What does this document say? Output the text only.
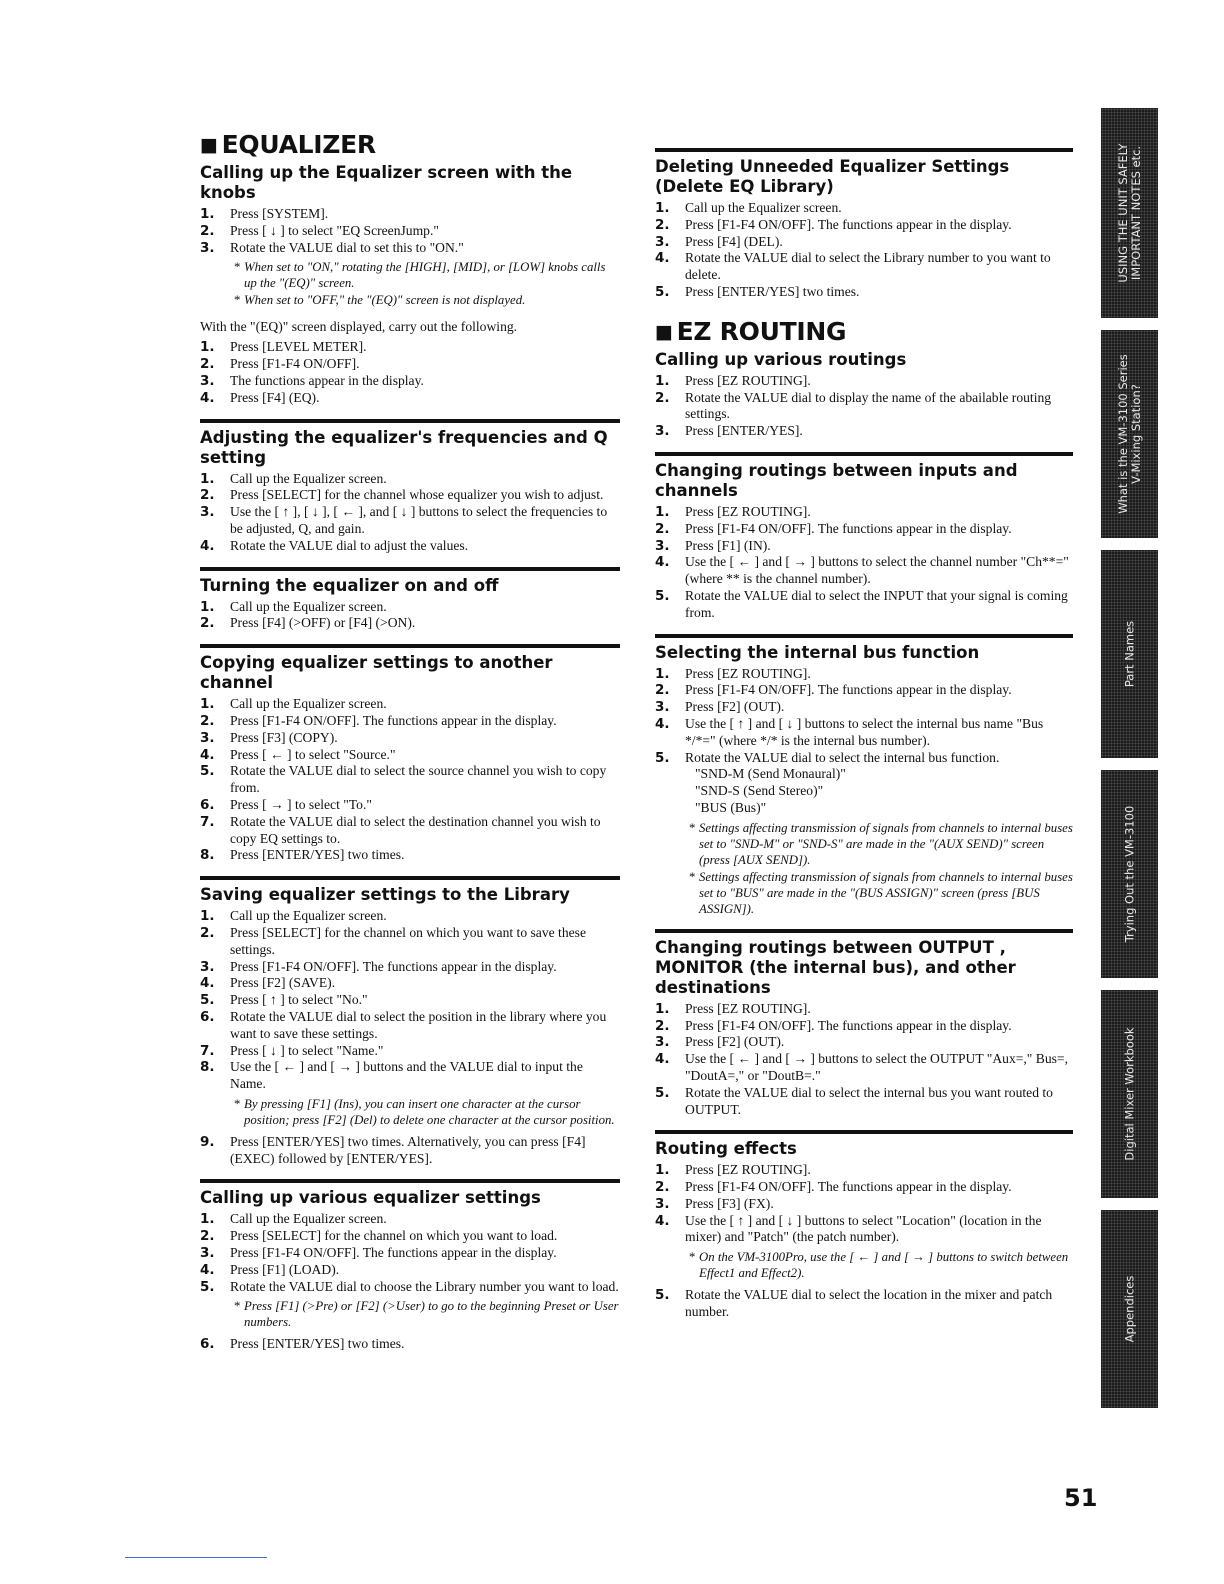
■ EQUALIZER
Calling up the Equalizer screen with the knobs
1. Press [SYSTEM].
2. Press [ ↓ ] to select "EQ ScreenJump."
3. Rotate the VALUE dial to set this to "ON."
* When set to "ON," rotating the [HIGH], [MID], or [LOW] knobs calls up the "(EQ)" screen.
* When set to "OFF," the "(EQ)" screen is not displayed.
With the "(EQ)" screen displayed, carry out the following.
1. Press [LEVEL METER].
2. Press [F1-F4 ON/OFF].
3. The functions appear in the display.
4. Press [F4] (EQ).
Adjusting the equalizer's frequencies and Q setting
1. Call up the Equalizer screen.
2. Press [SELECT] for the channel whose equalizer you wish to adjust.
3. Use the [ ↑ ], [ ↓ ], [ ← ], and [ ↓ ] buttons to select the frequencies to be adjusted, Q, and gain.
4. Rotate the VALUE dial to adjust the values.
Turning the equalizer on and off
1. Call up the Equalizer screen.
2. Press [F4] (>OFF) or [F4] (>ON).
Copying equalizer settings to another channel
1. Call up the Equalizer screen.
2. Press [F1-F4 ON/OFF]. The functions appear in the display.
3. Press [F3] (COPY).
4. Press [ ← ] to select "Source."
5. Rotate the VALUE dial to select the source channel you wish to copy from.
6. Press [ → ] to select "To."
7. Rotate the VALUE dial to select the destination channel you wish to copy EQ settings to.
8. Press [ENTER/YES] two times.
Saving equalizer settings to the Library
1. Call up the Equalizer screen.
2. Press [SELECT] for the channel on which you want to save these settings.
3. Press [F1-F4 ON/OFF]. The functions appear in the display.
4. Press [F2] (SAVE).
5. Press [ ↑ ] to select "No."
6. Rotate the VALUE dial to select the position in the library where you want to save these settings.
7. Press [ ↓ ] to select "Name."
8. Use the [ ← ] and [ → ] buttons and the VALUE dial to input the Name.
* By pressing [F1] (Ins), you can insert one character at the cursor position; press [F2] (Del) to delete one character at the cursor position.
9. Press [ENTER/YES] two times. Alternatively, you can press [F4] (EXEC) followed by [ENTER/YES].
Calling up various equalizer settings
1. Call up the Equalizer screen.
2. Press [SELECT] for the channel on which you want to load.
3. Press [F1-F4 ON/OFF]. The functions appear in the display.
4. Press [F1] (LOAD).
5. Rotate the VALUE dial to choose the Library number you want to load.
* Press [F1] (>Pre) or [F2] (>User) to go to the beginning Preset or User numbers.
6. Press [ENTER/YES] two times.
Deleting Unneeded Equalizer Settings (Delete EQ Library)
1. Call up the Equalizer screen.
2. Press [F1-F4 ON/OFF]. The functions appear in the display.
3. Press [F4] (DEL).
4. Rotate the VALUE dial to select the Library number to you want to delete.
5. Press [ENTER/YES] two times.
■ EZ ROUTING
Calling up various routings
1. Press [EZ ROUTING].
2. Rotate the VALUE dial to display the name of the abailable routing settings.
3. Press [ENTER/YES].
Changing routings between inputs and channels
1. Press [EZ ROUTING].
2. Press [F1-F4 ON/OFF]. The functions appear in the display.
3. Press [F1] (IN).
4. Use the [ ← ] and [ → ] buttons to select the channel number "Ch**=" (where ** is the channel number).
5. Rotate the VALUE dial to select the INPUT that your signal is coming from.
Selecting the internal bus function
1. Press [EZ ROUTING].
2. Press [F1-F4 ON/OFF]. The functions appear in the display.
3. Press [F2] (OUT).
4. Use the [ ↑ ] and [ ↓ ] buttons to select the internal bus name "Bus */*=" (where */* is the internal bus number).
5. Rotate the VALUE dial to select the internal bus function.
"SND-M (Send Monaural)"
"SND-S (Send Stereo)"
"BUS (Bus)"
* Settings affecting transmission of signals from channels to internal buses set to "SND-M" or "SND-S" are made in the "(AUX SEND)" screen (press [AUX SEND]).
* Settings affecting transmission of signals from channels to internal buses set to "BUS" are made in the "(BUS ASSIGN)" screen (press [BUS ASSIGN]).
Changing routings between OUTPUT , MONITOR (the internal bus), and other destinations
1. Press [EZ ROUTING].
2. Press [F1-F4 ON/OFF]. The functions appear in the display.
3. Press [F2] (OUT).
4. Use the [ ← ] and [ → ] buttons to select the OUTPUT "Aux=," Bus=, "DoutA=," or "DoutB=."
5. Rotate the VALUE dial to select the internal bus you want routed to OUTPUT.
Routing effects
1. Press [EZ ROUTING].
2. Press [F1-F4 ON/OFF]. The functions appear in the display.
3. Press [F3] (FX).
4. Use the [ ↑ ] and [ ↓ ] buttons to select "Location" (location in the mixer) and "Patch" (the patch number).
* On the VM-3100Pro, use the [ ← ] and [ → ] buttons to switch between Effect1 and Effect2).
5. Rotate the VALUE dial to select the location in the mixer and patch number.
USING THE UNIT SAFELY
IMPORTANT NOTES etc.
What is the VM-3100 Series
V-Mixing Station?
Part Names
Trying Out the VM-3100
Digital Mixer Workbook
Appendices
51
